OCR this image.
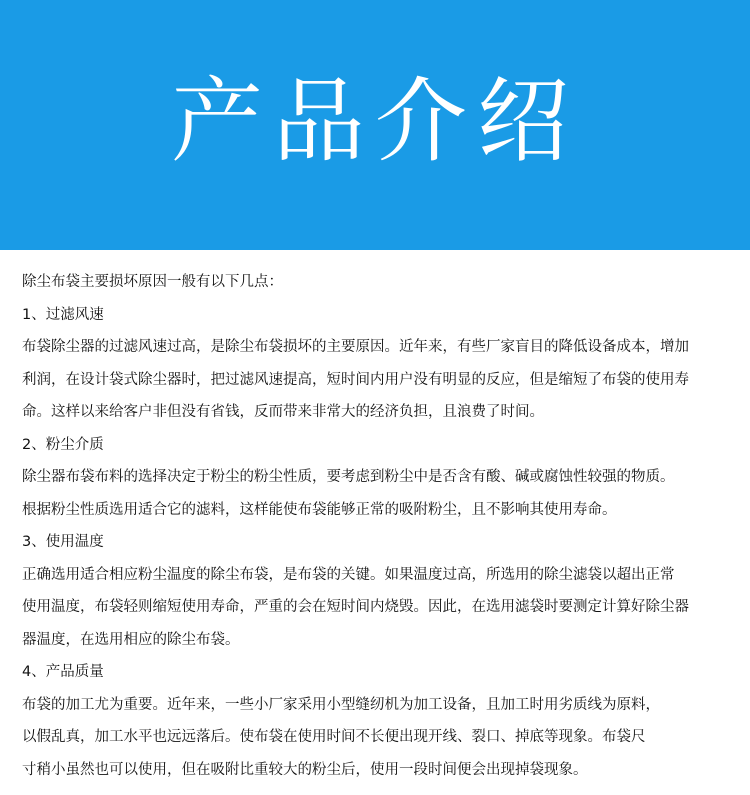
产品介绍
除尘布袋主要损坏原因一般有以下几点：
1、过滤风速
布袋除尘器的过滤风速过高，是除尘布袋损坏的主要原因。近年来，有些厂家盲目的降低设备成本，增加
利润，在设计袋式除尘器时，把过滤风速提高，短时间内用户没有明显的反应，但是缩短了布袋的使用寿
命。这样以来给客户非但没有省钱，反而带来非常大的经济负担，且浪费了时间。
2、粉尘介质
除尘器布袋布料的选择决定于粉尘的粉尘性质，要考虑到粉尘中是否含有酸、碱或腐蚀性较强的物质。
根据粉尘性质选用适合它的滤料，这样能使布袋能够正常的吸附粉尘，且不影响其使用寿命。
3、使用温度
正确选用适合相应粉尘温度的除尘布袋，是布袋的关键。如果温度过高，所选用的除尘滤袋以超出正常
使用温度，布袋轻则缩短使用寿命，严重的会在短时间内烧毁。因此，在选用滤袋时要测定计算好除尘器
器温度，在选用相应的除尘布袋。
4、产品质量
布袋的加工尤为重要。近年来，一些小厂家采用小型缝纫机为加工设备，且加工时用劣质线为原料，
以假乱真，加工水平也远远落后。使布袋在使用时间不长便出现开线、裂口、掉底等现象。布袋尺
寸稍小虽然也可以使用，但在吸附比重较大的粉尘后，使用一段时间便会出现掉袋现象。
